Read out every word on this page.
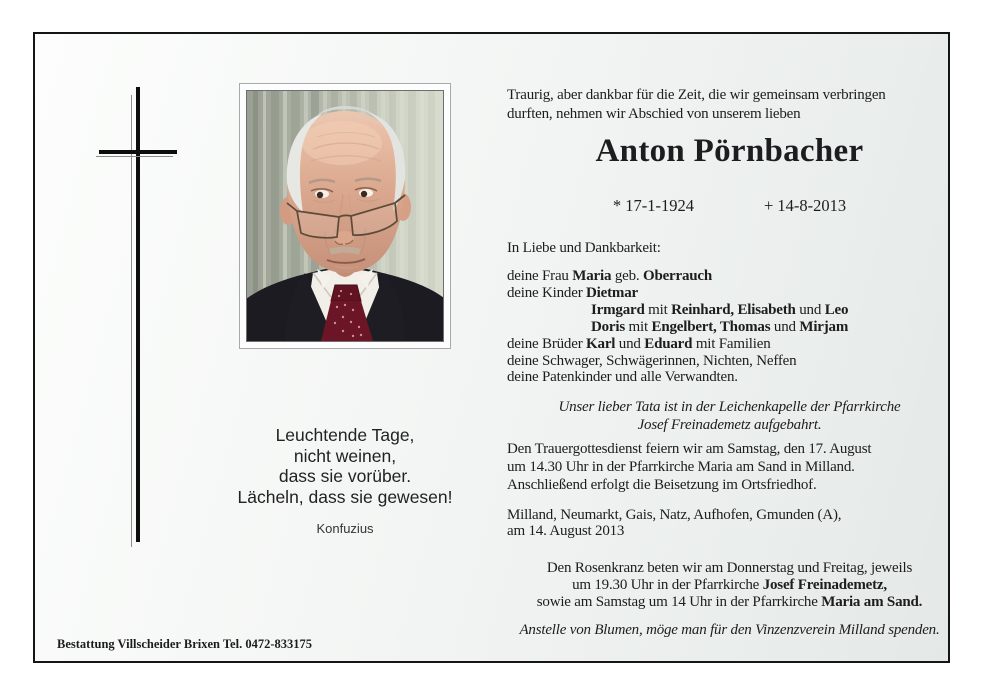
Leuchtende Tage,
nicht weinen,
dass sie vorüber.
Lächeln, dass sie gewesen!
Konfuzius
Bestattung Villscheider Brixen Tel. 0472-833175
Traurig, aber dankbar für die Zeit, die wir gemeinsam verbringen
durften, nehmen wir Abschied von unserem lieben
Anton Pörnbacher
* 17-1-1924	+ 14-8-2013
In Liebe und Dankbarkeit:
deine Frau Maria geb. Oberrauch
deine Kinder Dietmar
Irmgard mit Reinhard, Elisabeth und Leo
Doris mit Engelbert, Thomas und Mirjam
deine Brüder Karl und Eduard mit Familien
deine Schwager, Schwägerinnen, Nichten, Neffen
deine Patenkinder und alle Verwandten.
Unser lieber Tata ist in der Leichenkapelle der Pfarrkirche
Josef Freinademetz aufgebahrt.
Den Trauergottesdienst feiern wir am Samstag, den 17. August
um 14.30 Uhr in der Pfarrkirche Maria am Sand in Milland.
Anschließend erfolgt die Beisetzung im Ortsfriedhof.
Milland, Neumarkt, Gais, Natz, Aufhofen, Gmunden (A),
am 14. August 2013
Den Rosenkranz beten wir am Donnerstag und Freitag, jeweils
um 19.30 Uhr in der Pfarrkirche Josef Freinademetz,
sowie am Samstag um 14 Uhr in der Pfarrkirche Maria am Sand.
Anstelle von Blumen, möge man für den Vinzenzverein Milland spenden.
